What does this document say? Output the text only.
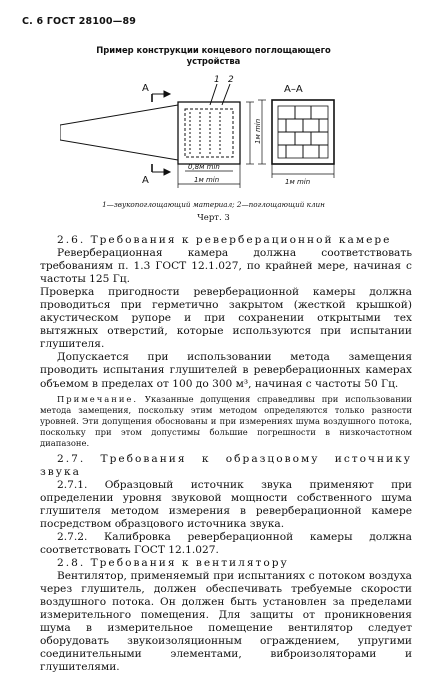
С. 6 ГОСТ 28100—89
Пример конструкции концевого поглощающего
устройства
A
A
1 2
0,8м min
1м min	1м min
А–А
1м min
1—звукопоглощающий материал; 2—поглощающий клин
Черт. 3

2.6. Требования к реверберационной камере

Реверберационная камера должна соответствовать требованиям п. 1.3 ГОСТ 12.1.027, по крайней мере, начиная с частоты 125 Гц.

Проверка пригодности реверберационной камеры должна проводиться при герметично закрытом (жесткой крышкой) акустическом рупоре и при сохранении открытыми тех вытяжных отверстий, которые используются при испытании глушителя.

Допускается при использовании метода замещения проводить испытания глушителей в реверберационных камерах объемом в пределах от 100 до 300 м³, начиная с частоты 50 Гц.

Примечание. Указанные допущения справедливы при использовании метода замещения, поскольку этим методом определяются только разности уровней. Эти допущения обоснованы и при измерениях шума воздушного потока, поскольку при этом допустимы большие погрешности в низкочастотном диапазоне.

2.7. Требования к образцовому источнику звука

2.7.1. Образцовый источник звука применяют при определении уровня звуковой мощности собственного шума глушителя методом измерения в реверберационной камере посредством образцового источника звука.

2.7.2. Калибровка реверберационной камеры должна соответствовать ГОСТ 12.1.027.

2.8. Требования к вентилятору

Вентилятор, применяемый при испытаниях с потоком воздуха через глушитель, должен обеспечивать требуемые скорости воздушного потока. Он должен быть установлен за пределами измерительного помещения. Для защиты от проникновения шума в измерительное помещение вентилятор следует оборудовать звукоизоляционным ограждением, упругими соединительными элементами, виброизоляторами и глушителями.
